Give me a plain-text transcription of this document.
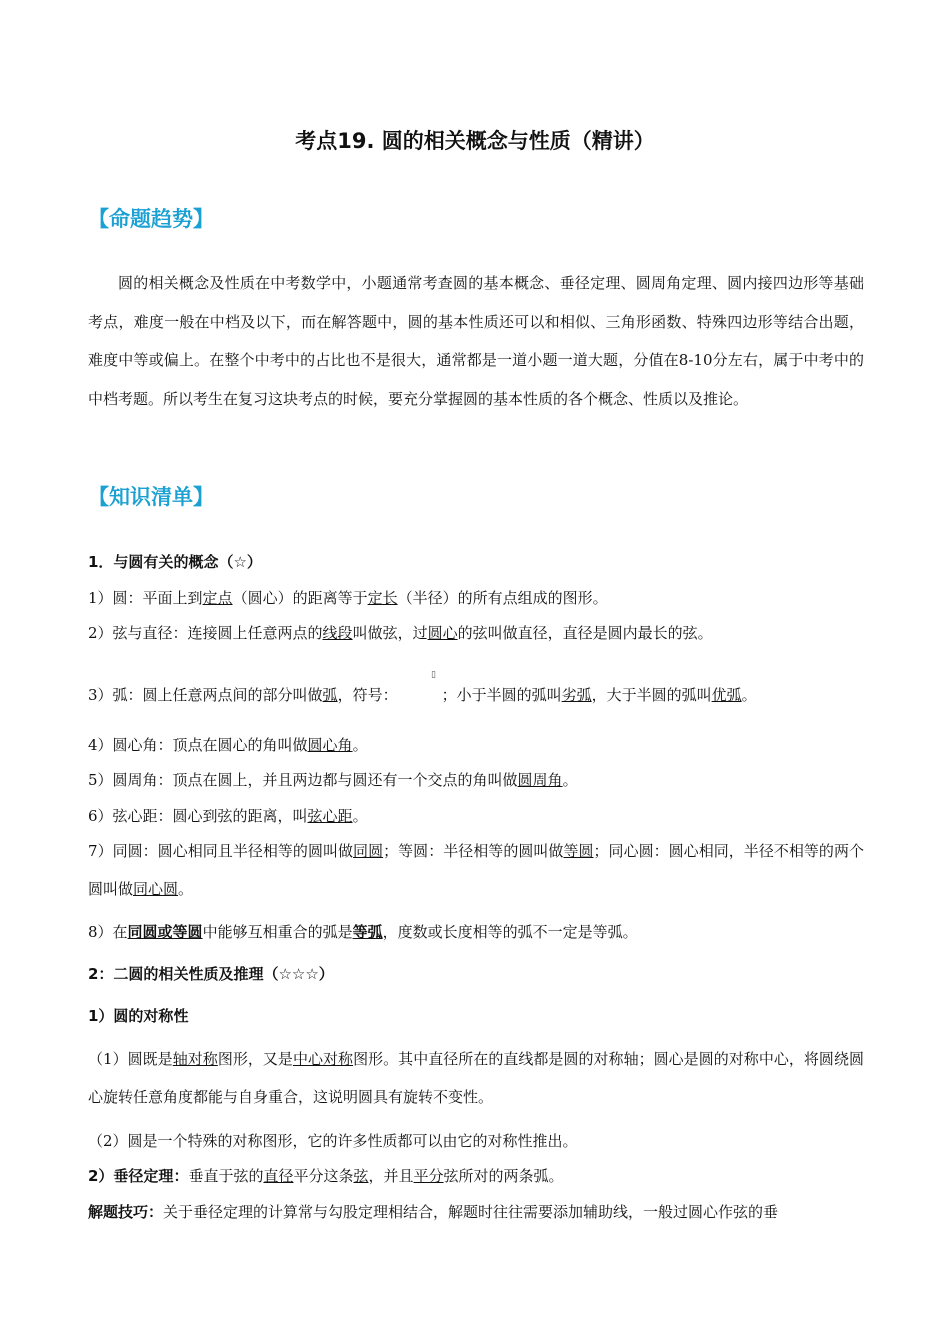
考点19. 圆的相关概念与性质（精讲）
【命题趋势】
圆的相关概念及性质在中考数学中，小题通常考查圆的基本概念、垂径定理、圆周角定理、圆内接四边形等基础考点，难度一般在中档及以下，而在解答题中，圆的基本性质还可以和相似、三角形函数、特殊四边形等结合出题，难度中等或偏上。在整个中考中的占比也不是很大，通常都是一道小题一道大题，分值在8-10分左右，属于中考中的中档考题。所以考生在复习这块考点的时候，要充分掌握圆的基本性质的各个概念、性质以及推论。
【知识清单】
1．与圆有关的概念（☆）
1）圆：平面上到定点（圆心）的距离等于定长（半径）的所有点组成的图形。
2）弦与直径：连接圆上任意两点的线段叫做弦，过圆心的弦叫做直径，直径是圆内最长的弦。
▯
3）弧：圆上任意两点间的部分叫做弧，符号：	；小于半圆的弧叫劣弧，大于半圆的弧叫优弧。
4）圆心角：顶点在圆心的角叫做圆心角。
5）圆周角：顶点在圆上，并且两边都与圆还有一个交点的角叫做圆周角。
6）弦心距：圆心到弦的距离，叫弦心距。
7）同圆：圆心相同且半径相等的圆叫做同圆；等圆：半径相等的圆叫做等圆；同心圆：圆心相同，半径不相等的两个圆叫做同心圆。
8）在同圆或等圆中能够互相重合的弧是等弧，度数或长度相等的弧不一定是等弧。
2：二圆的相关性质及推理（☆☆☆）
1）圆的对称性
（1）圆既是轴对称图形，又是中心对称图形。其中直径所在的直线都是圆的对称轴；圆心是圆的对称中心，将圆绕圆心旋转任意角度都能与自身重合，这说明圆具有旋转不变性。
（2）圆是一个特殊的对称图形，它的许多性质都可以由它的对称性推出。
2）垂径定理：垂直于弦的直径平分这条弦，并且平分弦所对的两条弧。
解题技巧：关于垂径定理的计算常与勾股定理相结合，解题时往往需要添加辅助线，一般过圆心作弦的垂
